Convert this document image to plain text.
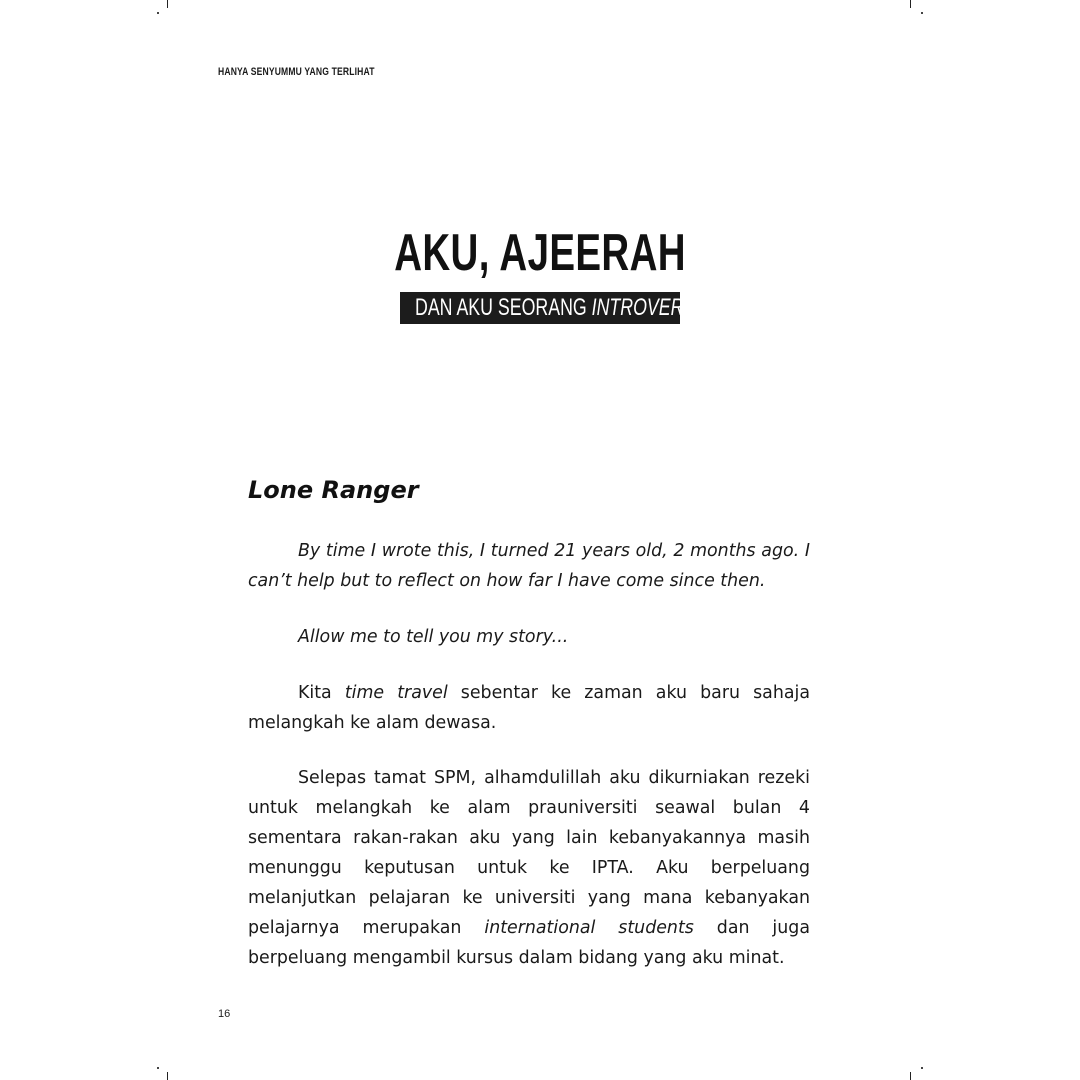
HANYA SENYUMMU YANG TERLIHAT
AKU, AJEERAH
DAN AKU SEORANG INTROVERT
Lone Ranger

By time I wrote this, I turned 21 years old, 2 months ago. I can’t help but to reflect on how far I have come since then.

Allow me to tell you my story...

Kita time travel sebentar ke zaman aku baru sahaja melangkah ke alam dewasa.

Selepas tamat SPM, alhamdulillah aku dikurniakan rezeki untuk melangkah ke alam prauniversiti seawal bulan 4 sementara rakan-rakan aku yang lain kebanyakannya masih menunggu keputusan untuk ke IPTA. Aku berpeluang melanjutkan pelajaran ke universiti yang mana kebanyakan pelajarnya merupakan international students dan juga berpeluang mengambil kursus dalam bidang yang aku minat.

16
